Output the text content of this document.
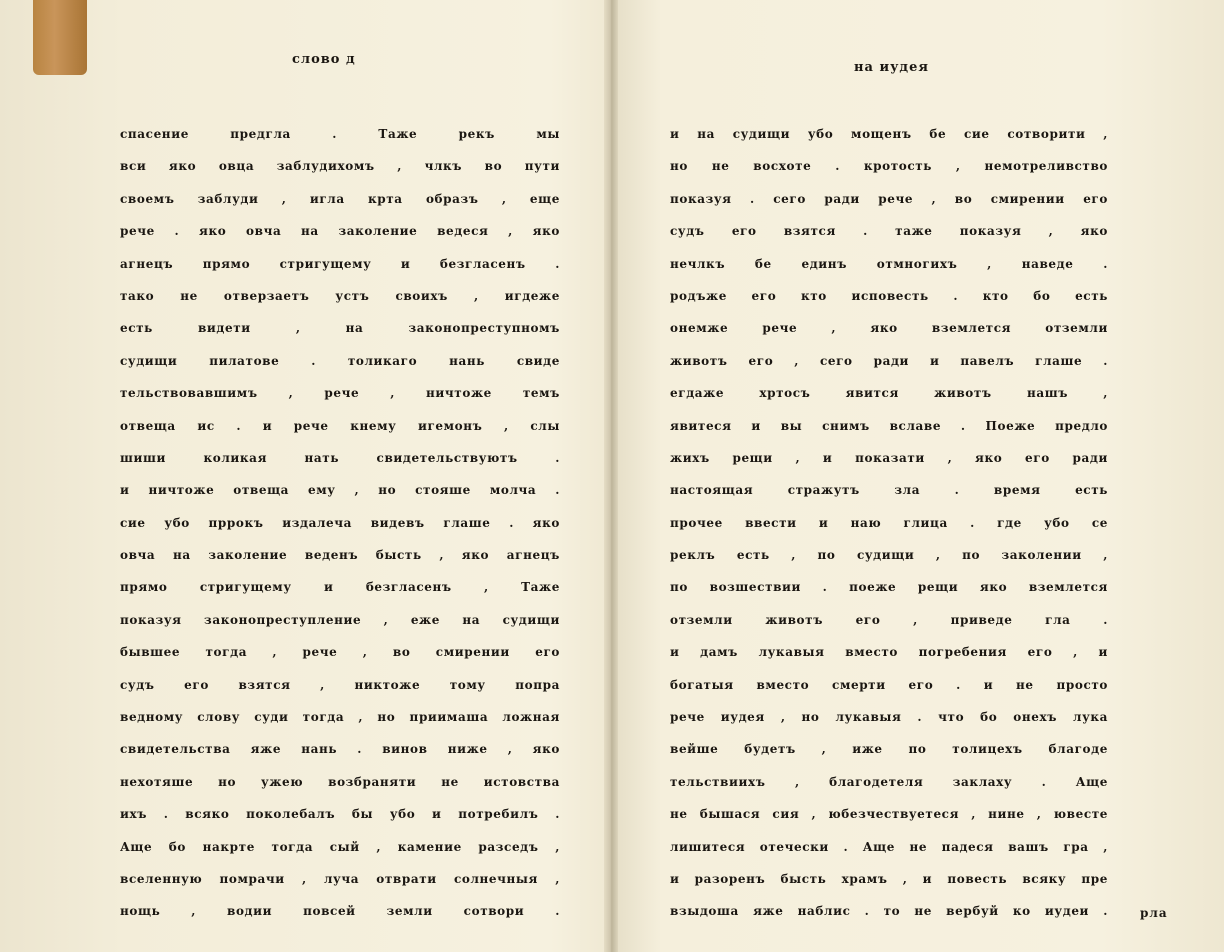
слово д
спасение предгла . Таже рекъ мы
вси яко овца заблудихомъ , члкъ во пути
своемъ заблуди , игла крта образъ , еще
рече . яко овча на заколение ведеся , яко
агнецъ прямо стригущему и безгласенъ .
тако не отверзаетъ устъ своихъ , игдеже
есть видети , на законопреступномъ
судищи пилатове . толикаго нань свиде
тельствовавшимъ , рече , ничтоже темъ
отвеща ис . и рече кнему игемонъ , слы
шиши коликая нать свидетельствуютъ .
и ничтоже отвеща ему , но стояше молча .
сие убо пррокъ издалеча видевъ глаше . яко
овча на заколение веденъ бысть , яко агнецъ
прямо стригущему и безгласенъ , Таже
показуя законопреступление , еже на судищи
бывшее тогда , рече , во смирении его
судъ его взятся , никтоже тому попра
ведному слову суди тогда , но приимаша ложная
свидетельства яже нань . винов ниже , яко
нехотяше но ужею возбраняти не истовства
ихъ . всяко поколебалъ бы убо и потребилъ .
Аще бо накрте тогда сый , камение разседъ ,
вселенную помрачи , луча отврати солнечныя ,
нощь , водии повсей земли сотвори .
на иудея
и на судищи убо мощенъ бе сие сотворити ,
но не восхоте . кротость , немотреливство
показуя . сего ради рече , во смирении его
судъ его взятся . таже показуя , яко
нечлкъ бе единъ отмногихъ , наведе .
родъже его кто исповесть . кто бо есть
онемже рече , яко вземлется отземли
животъ его , сего ради и павелъ глаше .
егдаже хртосъ явится животъ нашъ ,
явитеся и вы снимъ вславе . Поеже предло
жихъ рещи , и показати , яко его ради
настоящая стражутъ зла . время есть
прочее ввести и наю глица . где убо се
реклъ есть , по судищи , по заколении ,
по возшествии . поеже рещи яко вземлется
отземли животъ его , приведе гла .
и дамъ лукавыя вместо погребения его , и
богатыя вместо смерти его . и не просто
рече иудея , но лукавыя . что бо онехъ лука
вейше будетъ , иже по толицехъ благоде
тельствиихъ , благодетеля заклаху . Аще
не бышася сия , юбезчествуетеся , нине , ювесте
лишитеся отечески . Аще не падеся вашъ гра ,
и разоренъ бысть храмъ , и повесть всяку пре
взыдоша яже наблис . то не вербуй ко иудеи .	рла
